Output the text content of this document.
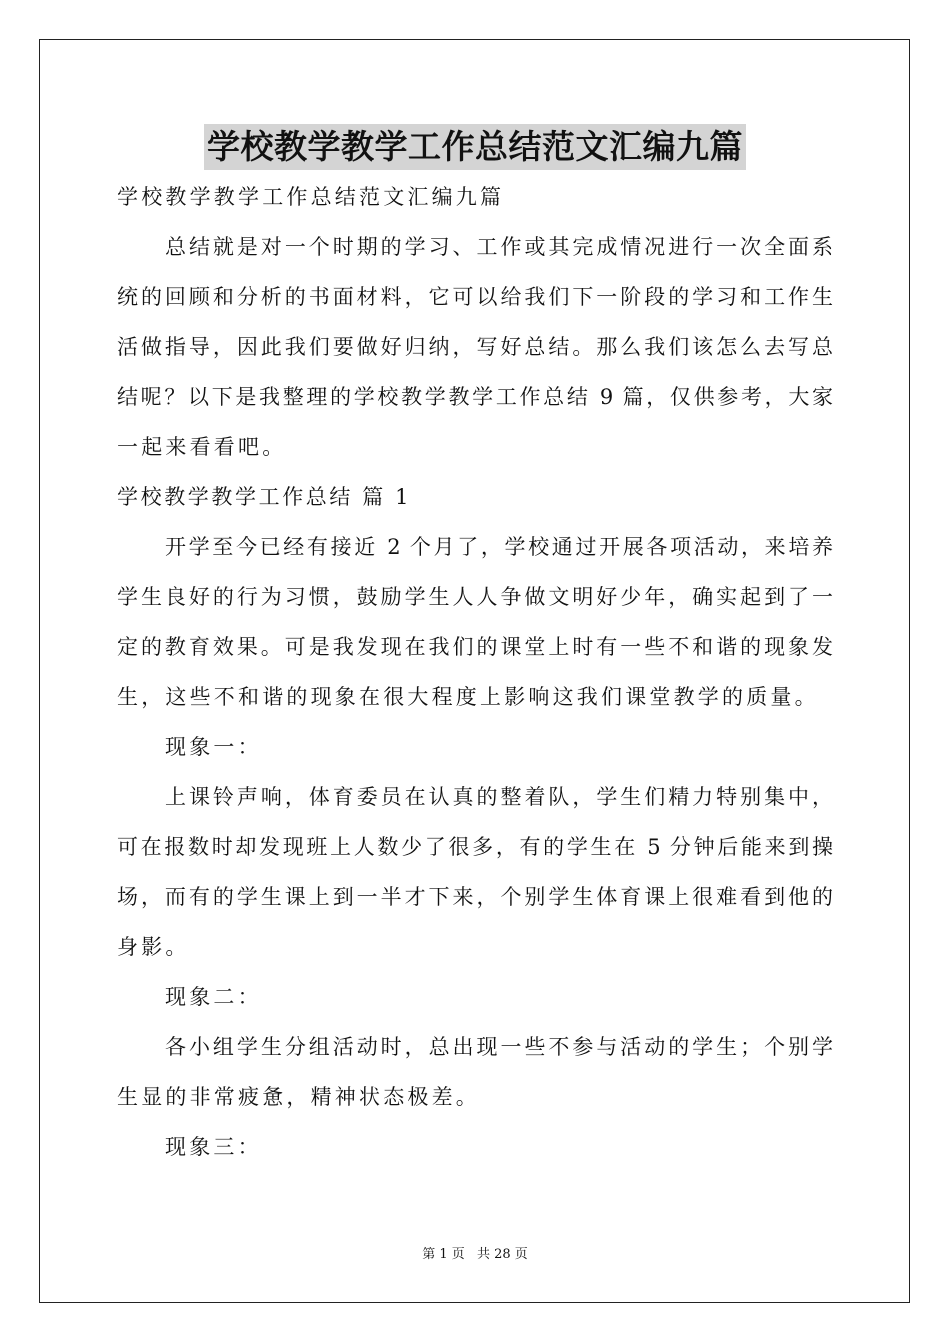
学校教学教学工作总结范文汇编九篇
学校教学教学工作总结范文汇编九篇
总结就是对一个时期的学习、工作或其完成情况进行一次全面系
统的回顾和分析的书面材料，它可以给我们下一阶段的学习和工作生
活做指导，因此我们要做好归纳，写好总结。那么我们该怎么去写总
结呢？以下是我整理的学校教学教学工作总结 9 篇，仅供参考，大家
一起来看看吧。
学校教学教学工作总结 篇 1
开学至今已经有接近 2 个月了，学校通过开展各项活动，来培养
学生良好的行为习惯，鼓励学生人人争做文明好少年，确实起到了一
定的教育效果。可是我发现在我们的课堂上时有一些不和谐的现象发
生，这些不和谐的现象在很大程度上影响这我们课堂教学的质量。
现象一：
上课铃声响，体育委员在认真的整着队，学生们精力特别集中，
可在报数时却发现班上人数少了很多，有的学生在 5 分钟后能来到操
场，而有的学生课上到一半才下来，个别学生体育课上很难看到他的
身影。
现象二：
各小组学生分组活动时，总出现一些不参与活动的学生；个别学
生显的非常疲惫，精神状态极差。
现象三：
第 1 页 共 28 页
